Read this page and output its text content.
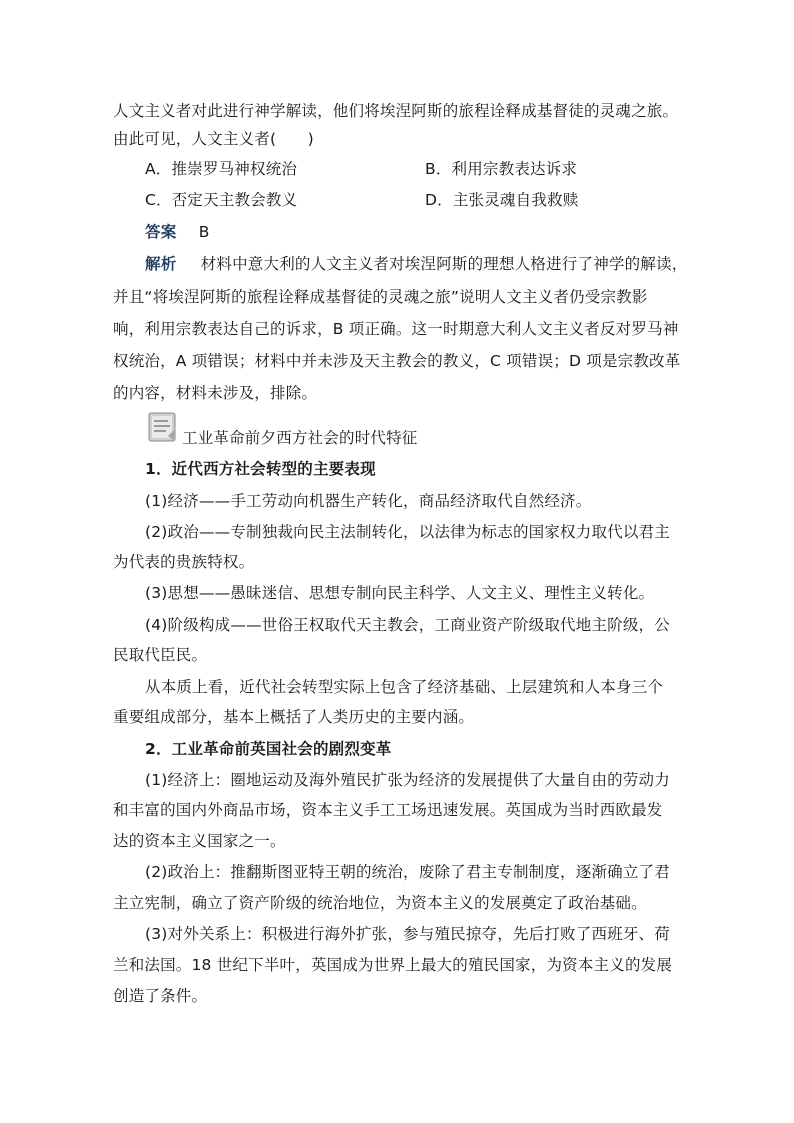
人文主义者对此进行神学解读，他们将埃涅阿斯的旅程诠释成基督徒的灵魂之旅。
由此可见，人文主义者(　　)
A．推崇罗马神权统治	B．利用宗教表达诉求
C．否定天主教会教义	D．主张灵魂自我救赎
答案 B
解析 材料中意大利的人文主义者对埃涅阿斯的理想人格进行了神学的解读，
并且“将埃涅阿斯的旅程诠释成基督徒的灵魂之旅”说明人文主义者仍受宗教影
响，利用宗教表达自己的诉求，B 项正确。这一时期意大利人文主义者反对罗马神
权统治，A 项错误；材料中并未涉及天主教会的教义，C 项错误；D 项是宗教改革
的内容，材料未涉及，排除。
工业革命前夕西方社会的时代特征
1．近代西方社会转型的主要表现
(1)经济——手工劳动向机器生产转化，商品经济取代自然经济。
(2)政治——专制独裁向民主法制转化，以法律为标志的国家权力取代以君主
为代表的贵族特权。
(3)思想——愚昧迷信、思想专制向民主科学、人文主义、理性主义转化。
(4)阶级构成——世俗王权取代天主教会，工商业资产阶级取代地主阶级，公
民取代臣民。
从本质上看，近代社会转型实际上包含了经济基础、上层建筑和人本身三个
重要组成部分，基本上概括了人类历史的主要内涵。
2．工业革命前英国社会的剧烈变革
(1)经济上：圈地运动及海外殖民扩张为经济的发展提供了大量自由的劳动力
和丰富的国内外商品市场，资本主义手工工场迅速发展。英国成为当时西欧最发
达的资本主义国家之一。
(2)政治上：推翻斯图亚特王朝的统治，废除了君主专制制度，逐渐确立了君
主立宪制，确立了资产阶级的统治地位，为资本主义的发展奠定了政治基础。
(3)对外关系上：积极进行海外扩张，参与殖民掠夺，先后打败了西班牙、荷
兰和法国。18 世纪下半叶，英国成为世界上最大的殖民国家，为资本主义的发展
创造了条件。
